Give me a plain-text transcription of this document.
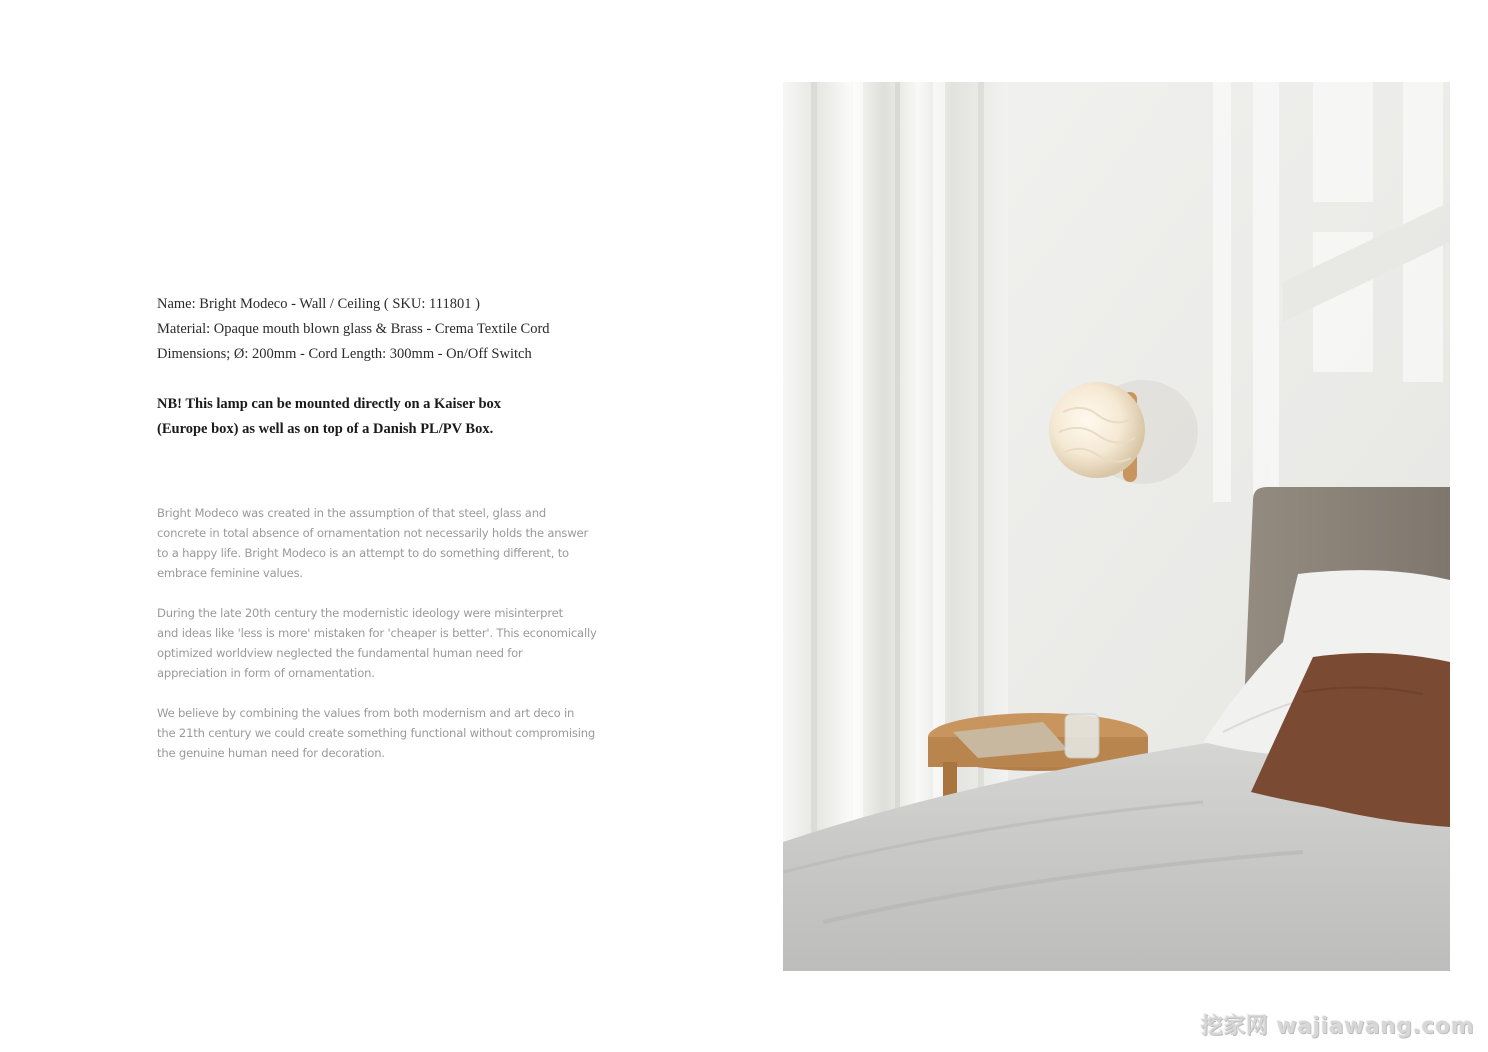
Name: Bright Modeco - Wall / Ceiling ( SKU: 111801 )
Material: Opaque mouth blown glass & Brass - Crema Textile Cord
Dimensions; Ø: 200mm - Cord Length: 300mm - On/Off Switch
NB! This lamp can be mounted directly on a Kaiser box
(Europe box) as well as on top of a Danish PL/PV Box.
Bright Modeco was created in the assumption of that steel, glass and
concrete in total absence of ornamentation not necessarily holds the answer
to a happy life. Bright Modeco is an attempt to do something different, to
embrace feminine values.
During the late 20th century the modernistic ideology were misinterpret
and ideas like 'less is more' mistaken for 'cheaper is better'. This economically
optimized worldview neglected the fundamental human need for
appreciation in form of ornamentation.
We believe by combining the values from both modernism and art deco in
the 21th century we could create something functional without compromising
the genuine human need for decoration.
挖家网 wajiawang.com
